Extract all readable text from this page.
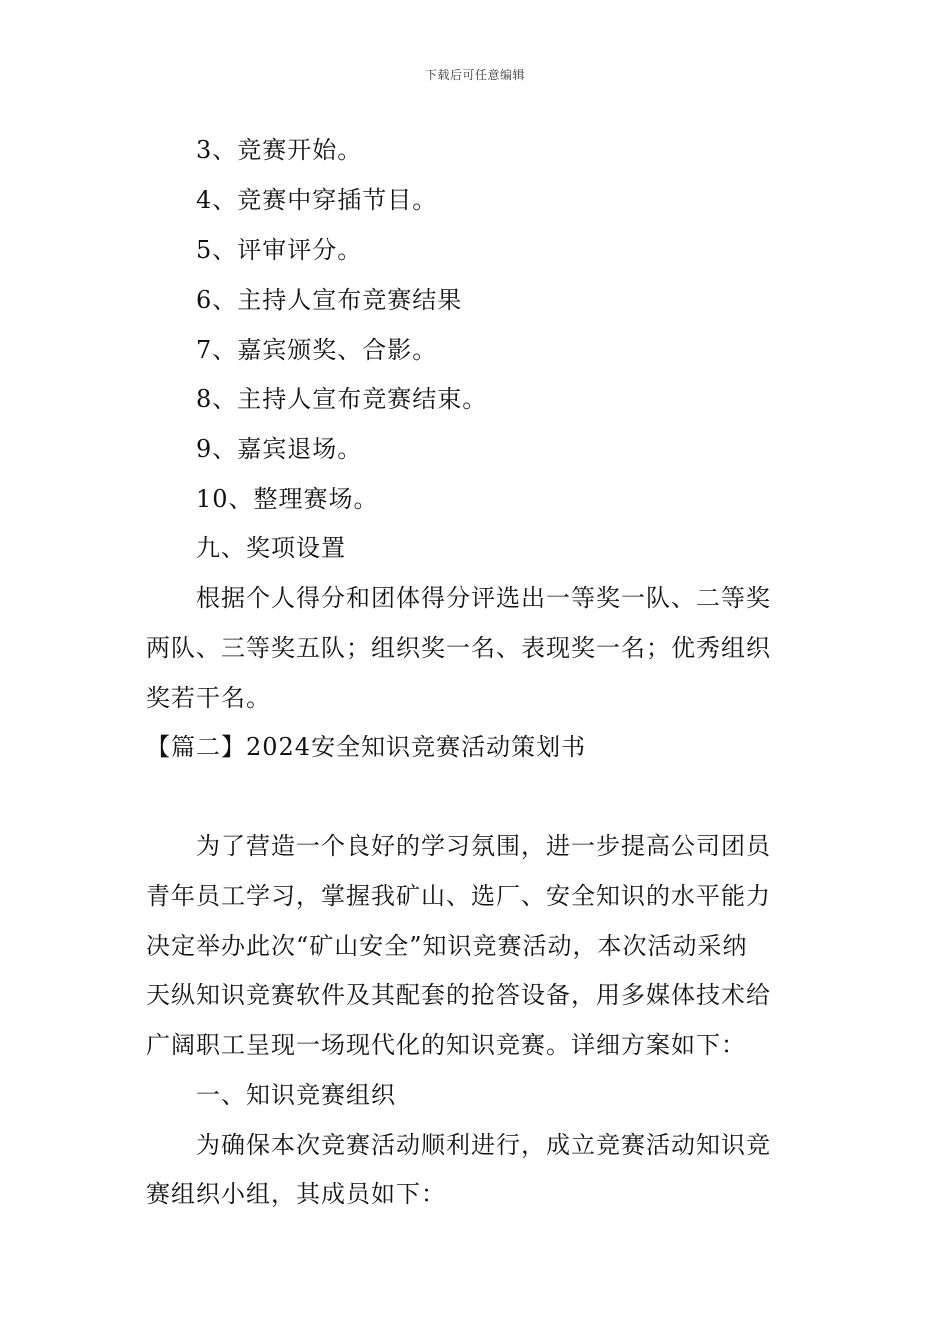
下载后可任意编辑
3、竞赛开始。
4、竞赛中穿插节目。
5、评审评分。
6、主持人宣布竞赛结果
7、嘉宾颁奖、合影。
8、主持人宣布竞赛结束。
9、嘉宾退场。
10、整理赛场。
九、奖项设置
根据个人得分和团体得分评选出一等奖一队、二等奖
两队、三等奖五队；组织奖一名、表现奖一名；优秀组织
奖若干名。
【篇二】2024安全知识竞赛活动策划书
为了营造一个良好的学习氛围，进一步提高公司团员
青年员工学习，掌握我矿山、选厂、安全知识的水平能力
决定举办此次“矿山安全”知识竞赛活动，本次活动采纳
天纵知识竞赛软件及其配套的抢答设备，用多媒体技术给
广阔职工呈现一场现代化的知识竞赛。详细方案如下：
一、知识竞赛组织
为确保本次竞赛活动顺利进行，成立竞赛活动知识竞
赛组织小组，其成员如下：
